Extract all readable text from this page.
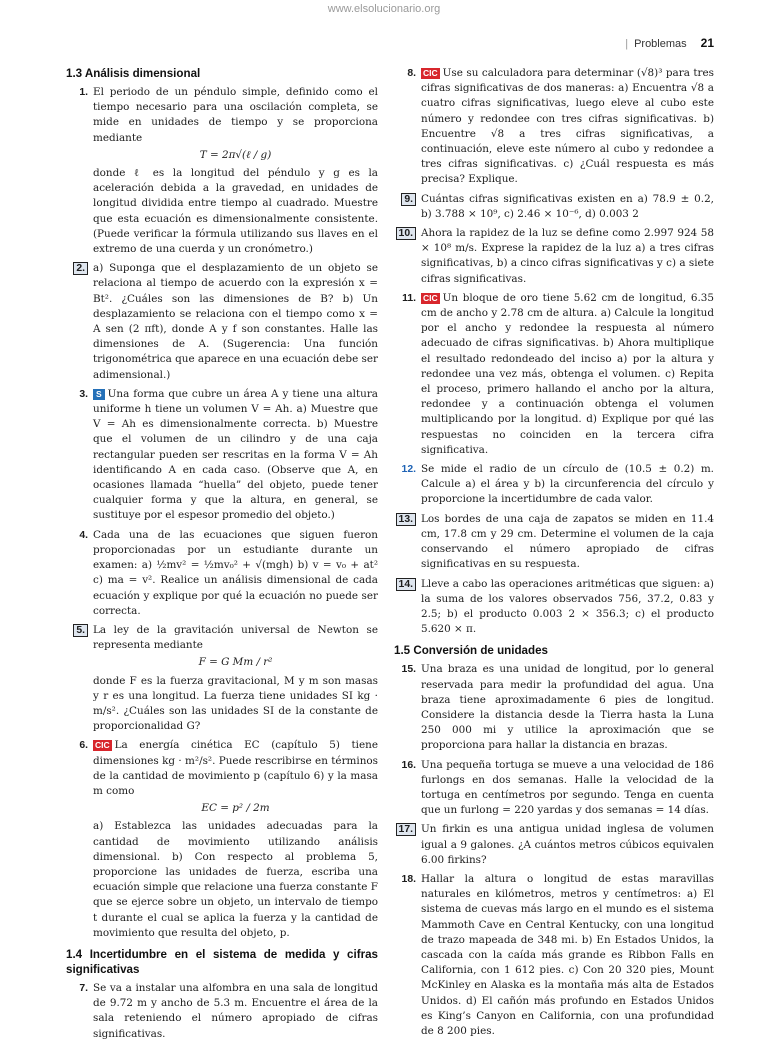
www.elsolucionario.org
| Problemas 21
1.3 Análisis dimensional
1. El periodo de un péndulo simple, definido como el tiempo necesario para una oscilación completa, se mide en unidades de tiempo y se proporciona mediante
T = 2π√(ℓ / g)
donde ℓ es la longitud del péndulo y g es la aceleración debida a la gravedad, en unidades de longitud dividida entre tiempo al cuadrado. Muestre que esta ecuación es dimensionalmente consistente. (Puede verificar la fórmula utilizando sus llaves en el extremo de una cuerda y un cronómetro.)
2. a) Suponga que el desplazamiento de un objeto se relaciona al tiempo de acuerdo con la expresión x = Bt². ¿Cuáles son las dimensiones de B? b) Un desplazamiento se relaciona con el tiempo como x = A sen (2 πft), donde A y f son constantes. Halle las dimensiones de A. (Sugerencia: Una función trigonométrica que aparece en una ecuación debe ser adimensional.)
3. S Una forma que cubre un área A y tiene una altura uniforme h tiene un volumen V = Ah. a) Muestre que V = Ah es dimensionalmente correcta. b) Muestre que el volumen de un cilindro y de una caja rectangular pueden ser rescritas en la forma V = Ah identificando A en cada caso. (Observe que A, en ocasiones llamada “huella” del objeto, puede tener cualquier forma y que la altura, en general, se sustituye por el espesor promedio del objeto.)
4. Cada una de las ecuaciones que siguen fueron proporcionadas por un estudiante durante un examen: a) ½mv² = ½mv₀² + √(mgh) b) v = v₀ + at² c) ma = v². Realice un análisis dimensional de cada ecuación y explique por qué la ecuación no puede ser correcta.
5. La ley de la gravitación universal de Newton se representa mediante
F = G Mm / r²
donde F es la fuerza gravitacional, M y m son masas y r es una longitud. La fuerza tiene unidades SI kg · m/s². ¿Cuáles son las unidades SI de la constante de proporcionalidad G?
6. CIC La energía cinética EC (capítulo 5) tiene dimensiones kg · m²/s². Puede rescribirse en términos de la cantidad de movimiento p (capítulo 6) y la masa m como
EC = p² / 2m
a) Establezca las unidades adecuadas para la cantidad de movimiento utilizando análisis dimensional. b) Con respecto al problema 5, proporcione las unidades de fuerza, escriba una ecuación simple que relacione una fuerza constante F que se ejerce sobre un objeto, un intervalo de tiempo t durante el cual se aplica la fuerza y la cantidad de movimiento que resulta del objeto, p.
1.4 Incertidumbre en el sistema de medida y cifras significativas
7. Se va a instalar una alfombra en una sala de longitud de 9.72 m y ancho de 5.3 m. Encuentre el área de la sala reteniendo el número apropiado de cifras significativas.
8. CIC Use su calculadora para determinar (√8)³ para tres cifras significativas de dos maneras: a) Encuentra √8 a cuatro cifras significativas, luego eleve al cubo este número y redondee con tres cifras significativas. b) Encuentre √8 a tres cifras significativas, a continuación, eleve este número al cubo y redondee a tres cifras significativas. c) ¿Cuál respuesta es más precisa? Explique.
9. Cuántas cifras significativas existen en a) 78.9 ± 0.2, b) 3.788 × 10⁹, c) 2.46 × 10⁻⁶, d) 0.003 2
10. Ahora la rapidez de la luz se define como 2.997 924 58 × 10⁸ m/s. Exprese la rapidez de la luz a) a tres cifras significativas, b) a cinco cifras significativas y c) a siete cifras significativas.
11. CIC Un bloque de oro tiene 5.62 cm de longitud, 6.35 cm de ancho y 2.78 cm de altura. a) Calcule la longitud por el ancho y redondee la respuesta al número adecuado de cifras significativas. b) Ahora multiplique el resultado redondeado del inciso a) por la altura y redondee una vez más, obtenga el volumen. c) Repita el proceso, primero hallando el ancho por la altura, redondee y a continuación obtenga el volumen multiplicando por la longitud. d) Explique por qué las respuestas no coinciden en la tercera cifra significativa.
12. Se mide el radio de un círculo de (10.5 ± 0.2) m. Calcule a) el área y b) la circunferencia del círculo y proporcione la incertidumbre de cada valor.
13. Los bordes de una caja de zapatos se miden en 11.4 cm, 17.8 cm y 29 cm. Determine el volumen de la caja conservando el número apropiado de cifras significativas en su respuesta.
14. Lleve a cabo las operaciones aritméticas que siguen: a) la suma de los valores observados 756, 37.2, 0.83 y 2.5; b) el producto 0.003 2 × 356.3; c) el producto 5.620 × π.
1.5 Conversión de unidades
15. Una braza es una unidad de longitud, por lo general reservada para medir la profundidad del agua. Una braza tiene aproximadamente 6 pies de longitud. Considere la distancia desde la Tierra hasta la Luna 250 000 mi y utilice la aproximación que se proporciona para hallar la distancia en brazas.
16. Una pequeña tortuga se mueve a una velocidad de 186 furlongs en dos semanas. Halle la velocidad de la tortuga en centímetros por segundo. Tenga en cuenta que un furlong = 220 yardas y dos semanas = 14 días.
17. Un firkin es una antigua unidad inglesa de volumen igual a 9 galones. ¿A cuántos metros cúbicos equivalen 6.00 firkins?
18. Hallar la altura o longitud de estas maravillas naturales en kilómetros, metros y centímetros: a) El sistema de cuevas más largo en el mundo es el sistema Mammoth Cave en Central Kentucky, con una longitud de trazo mapeada de 348 mi. b) En Estados Unidos, la cascada con la caída más grande es Ribbon Falls en California, con 1 612 pies. c) Con 20 320 pies, Mount McKinley en Alaska es la montaña más alta de Estados Unidos. d) El cañón más profundo en Estados Unidos es King’s Canyon en California, con una profundidad de 8 200 pies.
